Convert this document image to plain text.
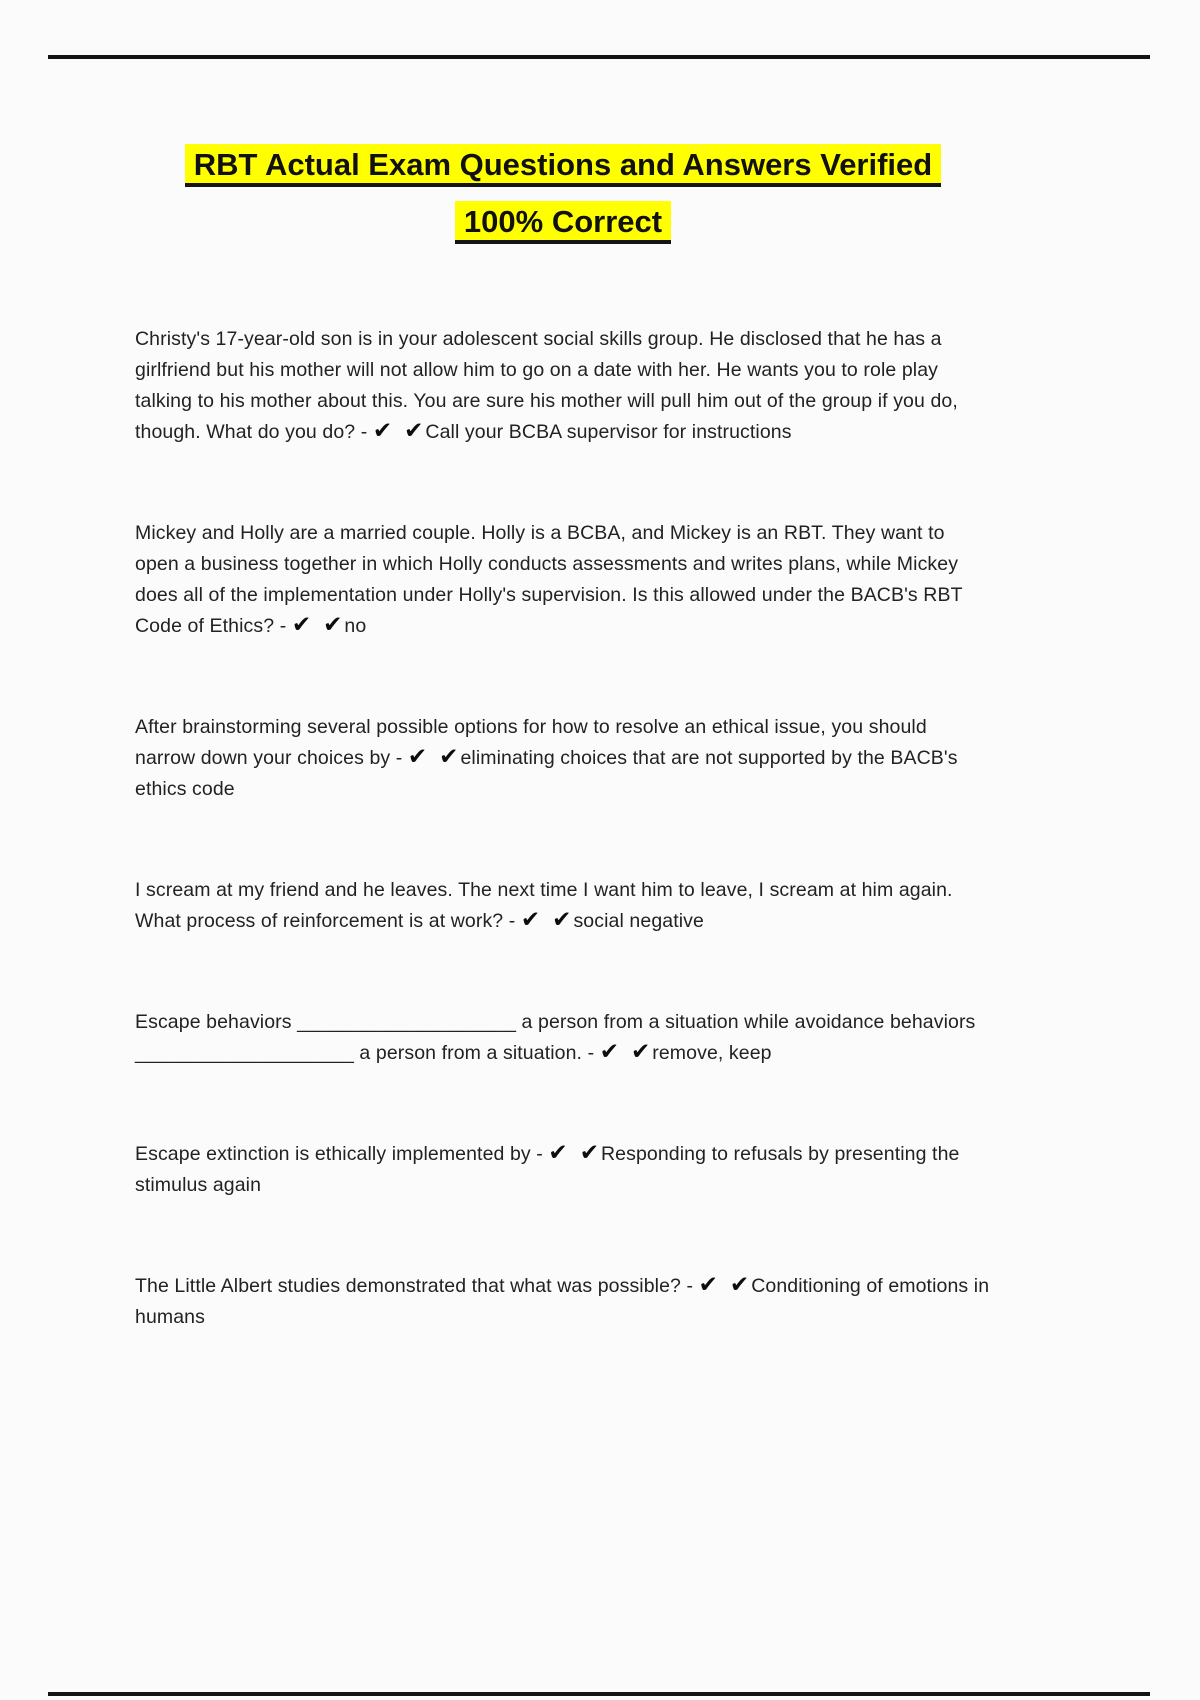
RBT Actual Exam Questions and Answers Verified
100% Correct

Christy's 17-year-old son is in your adolescent social skills group. He disclosed that he has a girlfriend but his mother will not allow him to go on a date with her. He wants you to role play talking to his mother about this. You are sure his mother will pull him out of the group if you do, though. What do you do? - ✔ ✔Call your BCBA supervisor for instructions

Mickey and Holly are a married couple. Holly is a BCBA, and Mickey is an RBT. They want to open a business together in which Holly conducts assessments and writes plans, while Mickey does all of the implementation under Holly's supervision. Is this allowed under the BACB's RBT Code of Ethics? - ✔ ✔no

After brainstorming several possible options for how to resolve an ethical issue, you should narrow down your choices by - ✔ ✔eliminating choices that are not supported by the BACB's ethics code

I scream at my friend and he leaves. The next time I want him to leave, I scream at him again. What process of reinforcement is at work? - ✔ ✔social negative

Escape behaviors ____________________ a person from a situation while avoidance behaviors ____________________ a person from a situation. - ✔ ✔remove, keep

Escape extinction is ethically implemented by - ✔ ✔Responding to refusals by presenting the stimulus again

The Little Albert studies demonstrated that what was possible? - ✔ ✔Conditioning of emotions in humans
